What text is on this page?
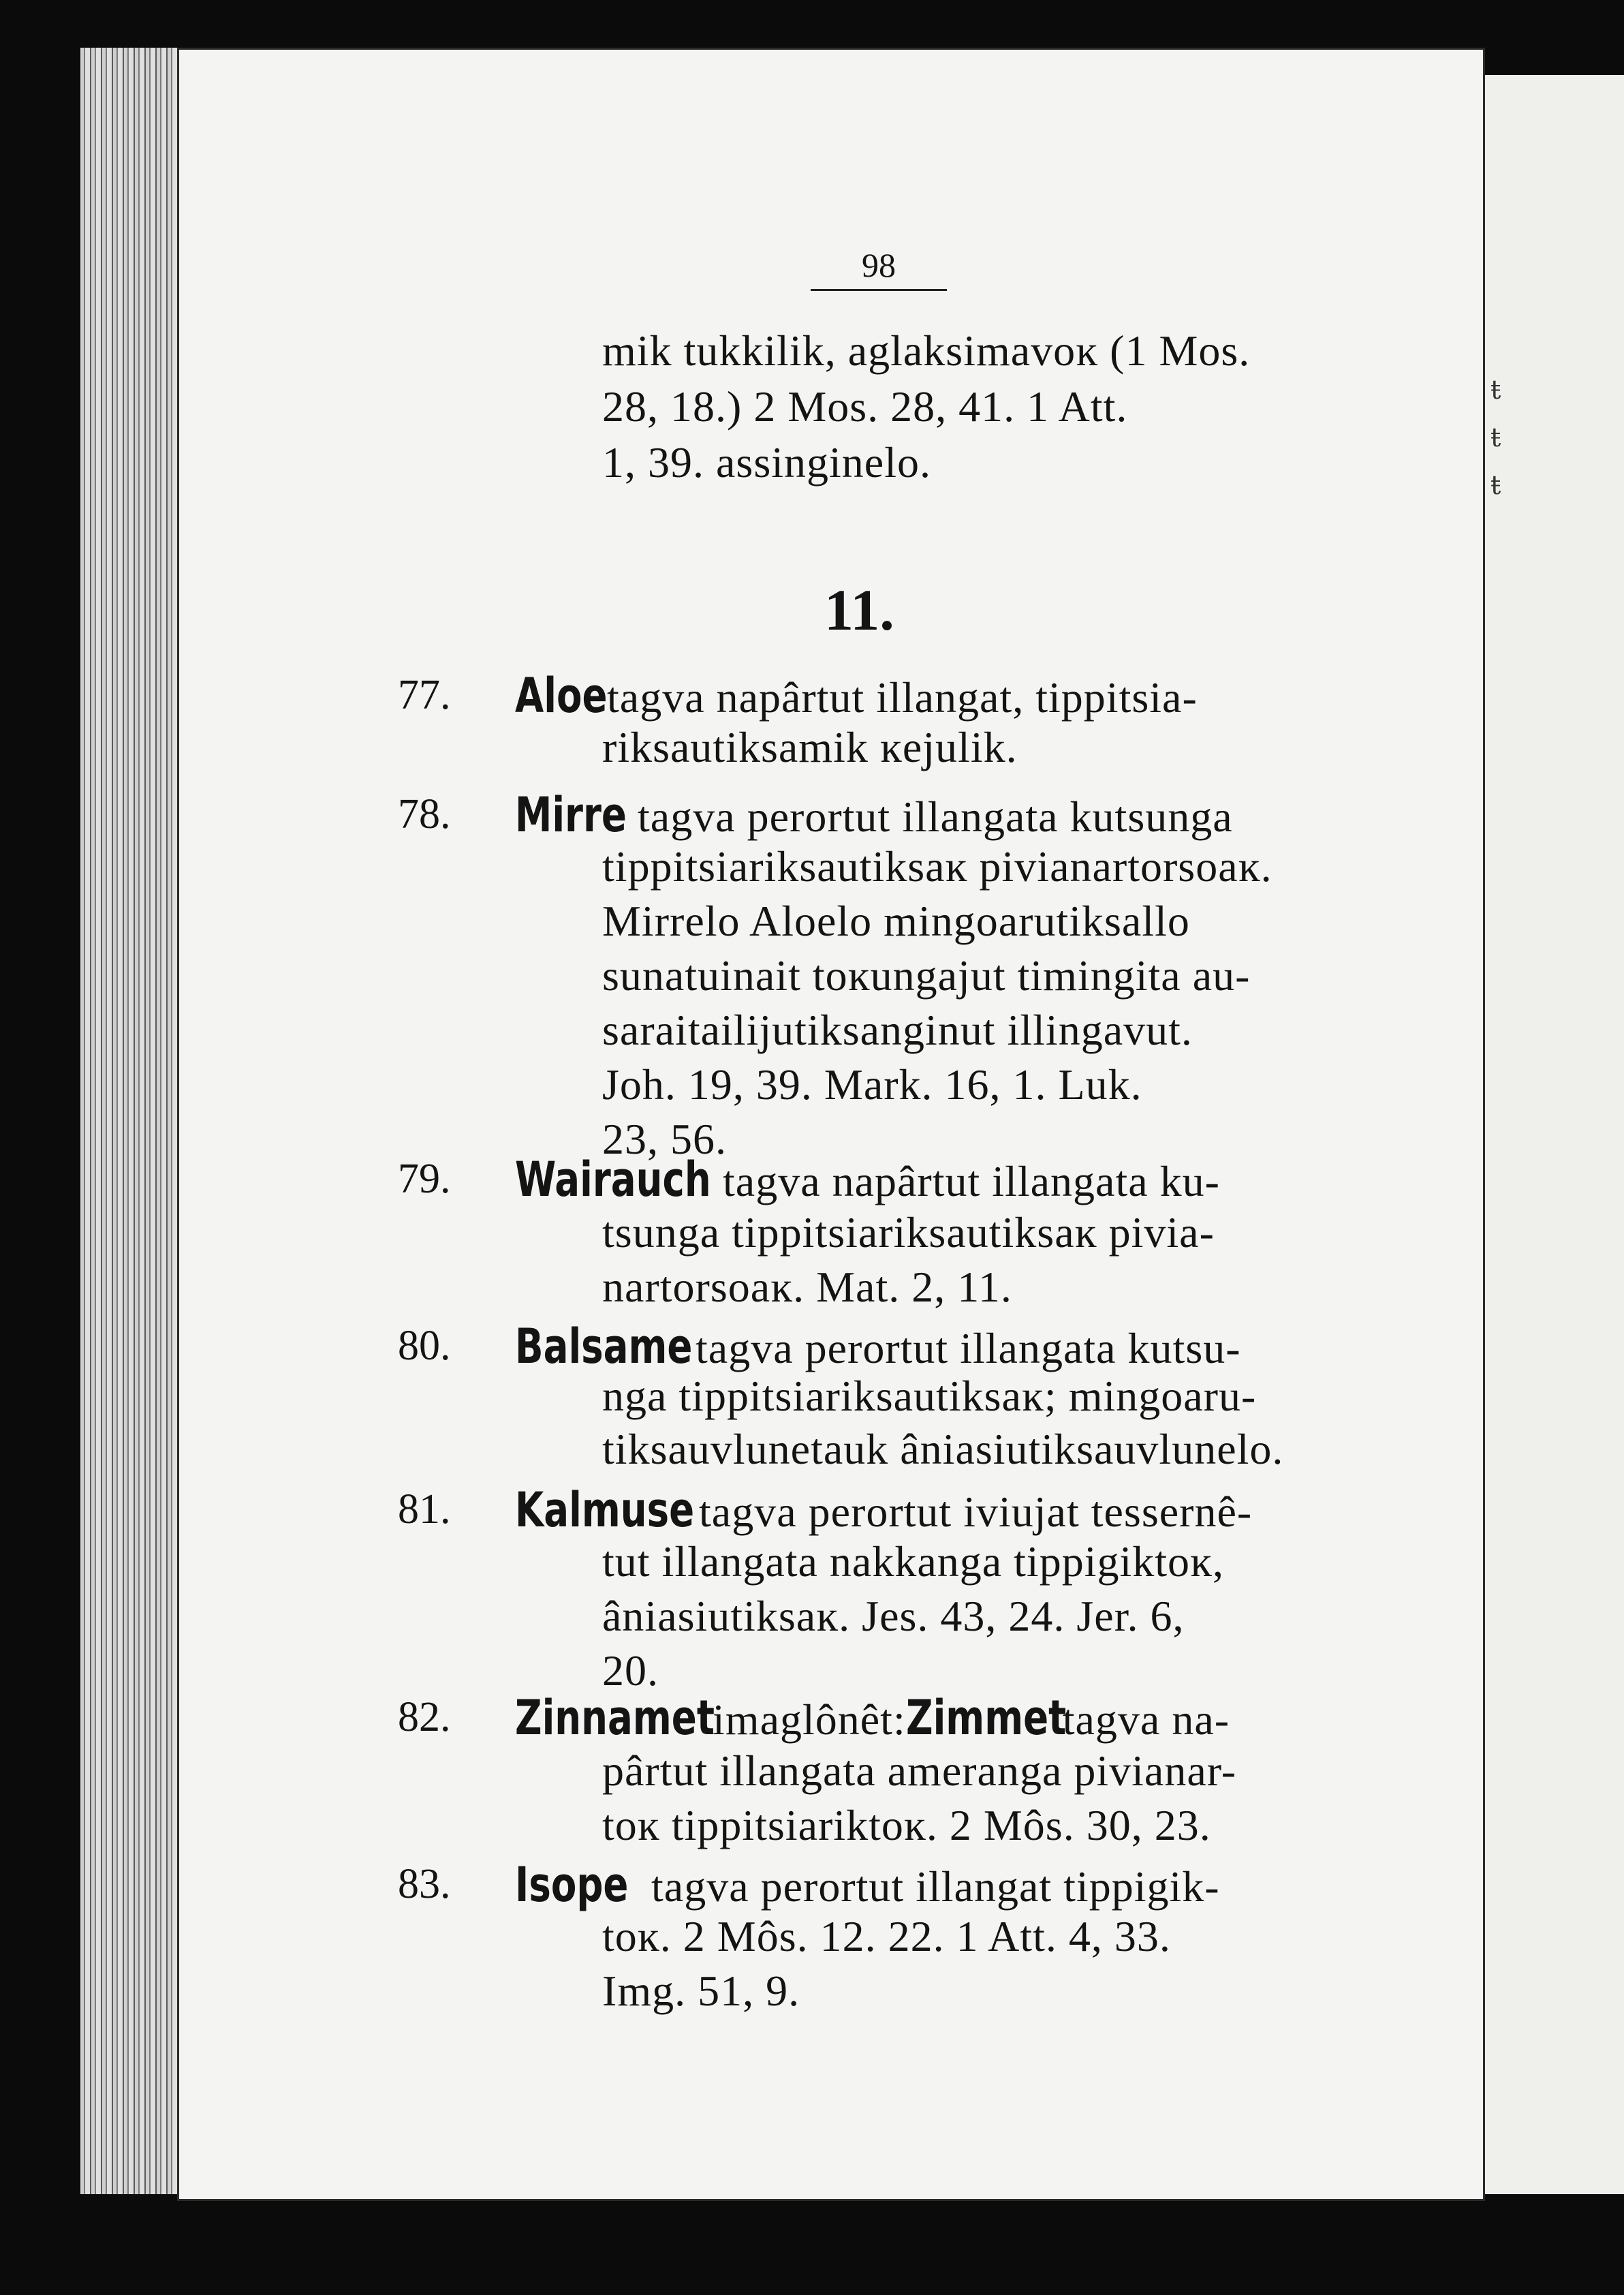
ŧ
ŧ
ŧ
98
mik tukkilik, aglaksimavoĸ (1 Mos.
28, 18.) 2 Mos. 28, 41. 1 Att.
1, 39. assinginelo.
11.
77. Aloetagva napârtut illangat, tippitsia-
riksautiksamik ĸejulik.
78. Mirretagva perortut illangata kutsunga
tippitsiariksautiksaĸ pivianartorsoaĸ.
Mirrelo Aloelo mingoarutiksallo
sunatuinait toĸungajut timingita au-
saraitailijutiksanginut illingavut.
Joh. 19, 39. Mark. 16, 1. Luk.
23, 56.
79. Wairauchtagva napârtut illangata ku-
tsunga tippitsiariksautiksaĸ pivia-
nartorsoaĸ. Mat. 2, 11.
80. Balsametagva perortut illangata kutsu-
nga tippitsiariksautiksaĸ; mingoaru-
tiksauvlunetauk âniasiutiksauvlunelo.
81. Kalmusetagva perortut iviujat tessernê-
tut illangata nakkanga tippigiktoĸ,
âniasiutiksaĸ. Jes. 43, 24. Jer. 6,
20.
82. Zinnametimaglônêt:Zimmettagva na-
pârtut illangata ameranga pivianar-
toĸ tippitsiariktoĸ. 2 Môs. 30, 23.
83. Isopetagva perortut illangat tippigik-
toĸ. 2 Môs. 12. 22. 1 Att. 4, 33.
Img. 51, 9.
